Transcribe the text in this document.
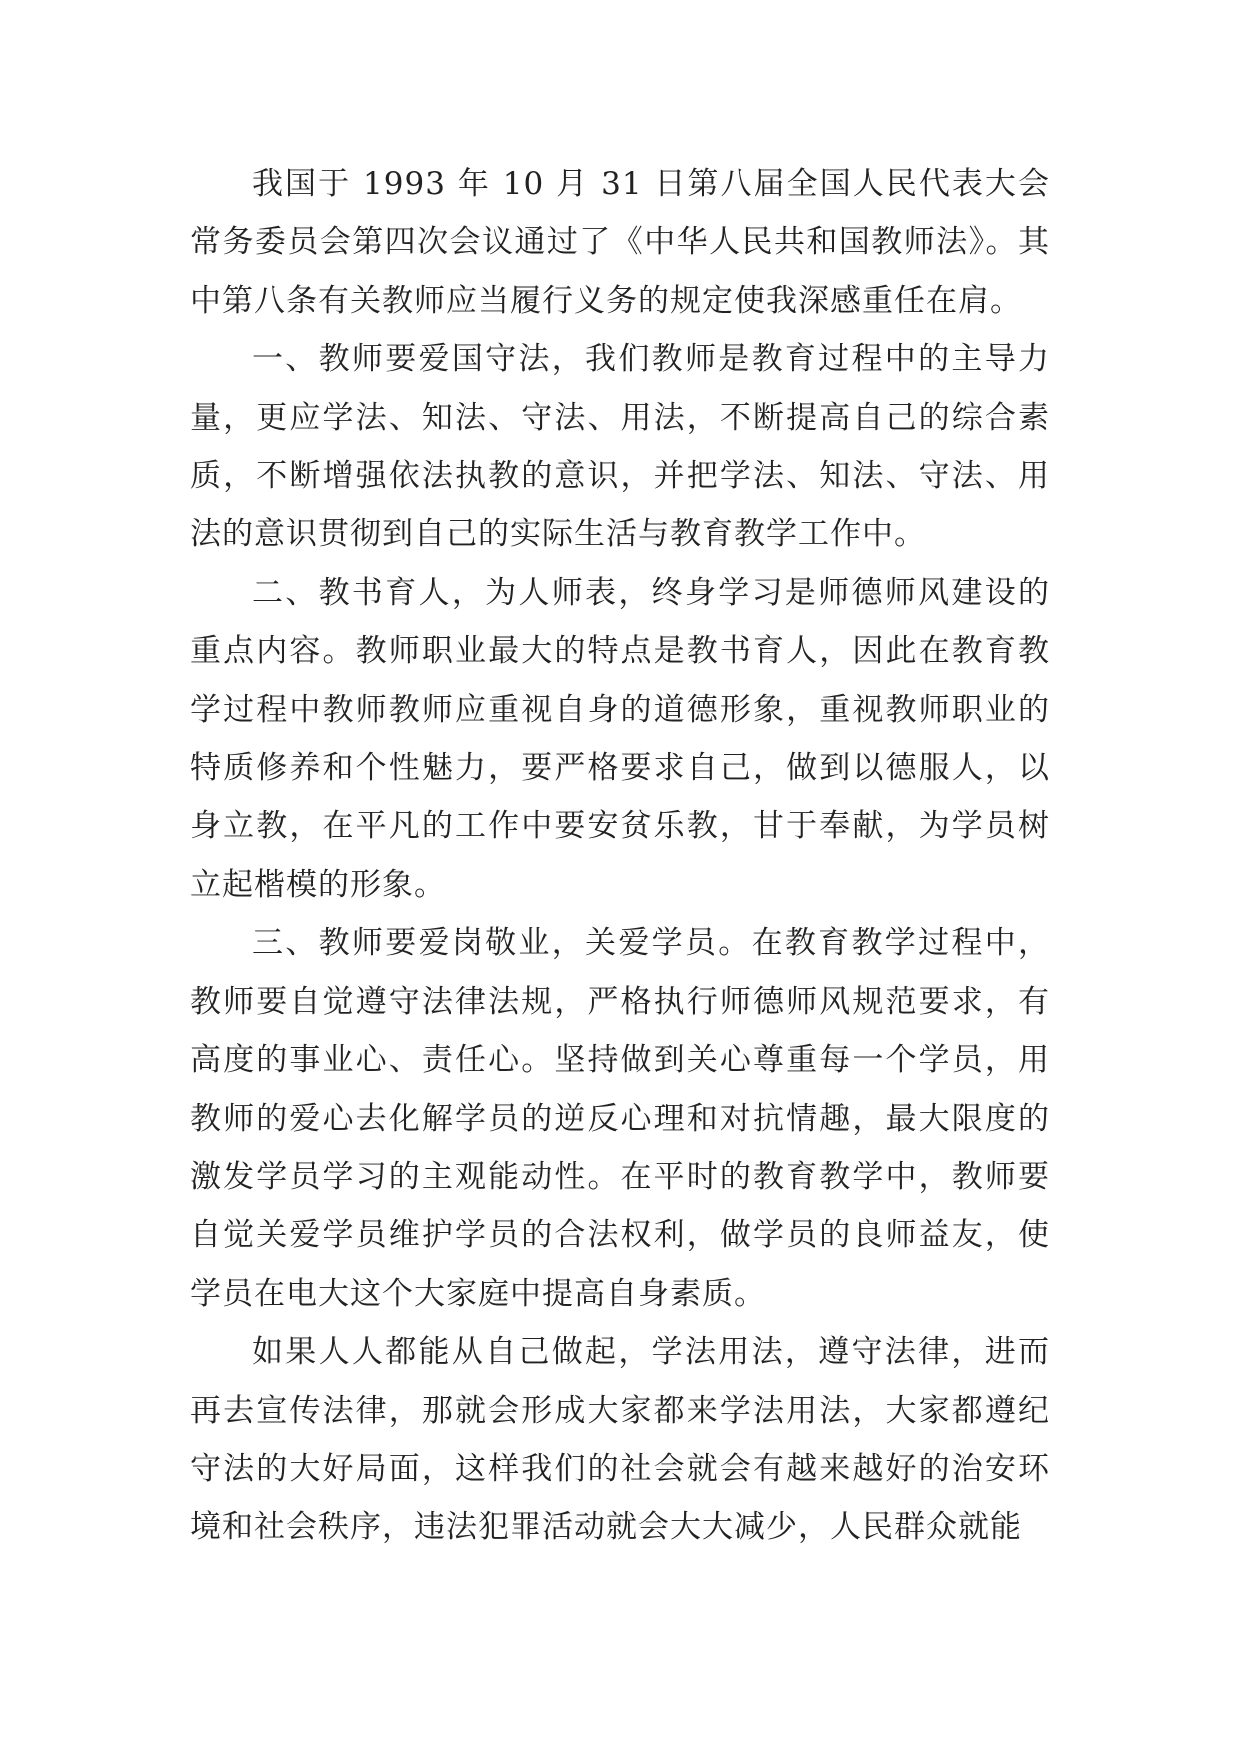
我国于 1993 年 10 月 31 日第八届全国人民代表大会常务委员会第四次会议通过了《中华人民共和国教师法》。其中第八条有关教师应当履行义务的规定使我深感重任在肩。

一、教师要爱国守法，我们教师是教育过程中的主导力量，更应学法、知法、守法、用法，不断提高自己的综合素质，不断增强依法执教的意识，并把学法、知法、守法、用法的意识贯彻到自己的实际生活与教育教学工作中。

二、教书育人，为人师表，终身学习是师德师风建设的重点内容。教师职业最大的特点是教书育人，因此在教育教学过程中教师教师应重视自身的道德形象，重视教师职业的特质修养和个性魅力，要严格要求自己，做到以德服人，以身立教，在平凡的工作中要安贫乐教，甘于奉献，为学员树立起楷模的形象。

三、教师要爱岗敬业，关爱学员。在教育教学过程中，教师要自觉遵守法律法规，严格执行师德师风规范要求，有高度的事业心、责任心。坚持做到关心尊重每一个学员，用教师的爱心去化解学员的逆反心理和对抗情趣，最大限度的激发学员学习的主观能动性。在平时的教育教学中，教师要自觉关爱学员维护学员的合法权利，做学员的良师益友，使学员在电大这个大家庭中提高自身素质。

如果人人都能从自己做起，学法用法，遵守法律，进而再去宣传法律，那就会形成大家都来学法用法，大家都遵纪守法的大好局面，这样我们的社会就会有越来越好的治安环境和社会秩序，违法犯罪活动就会大大减少，人民群众就能
